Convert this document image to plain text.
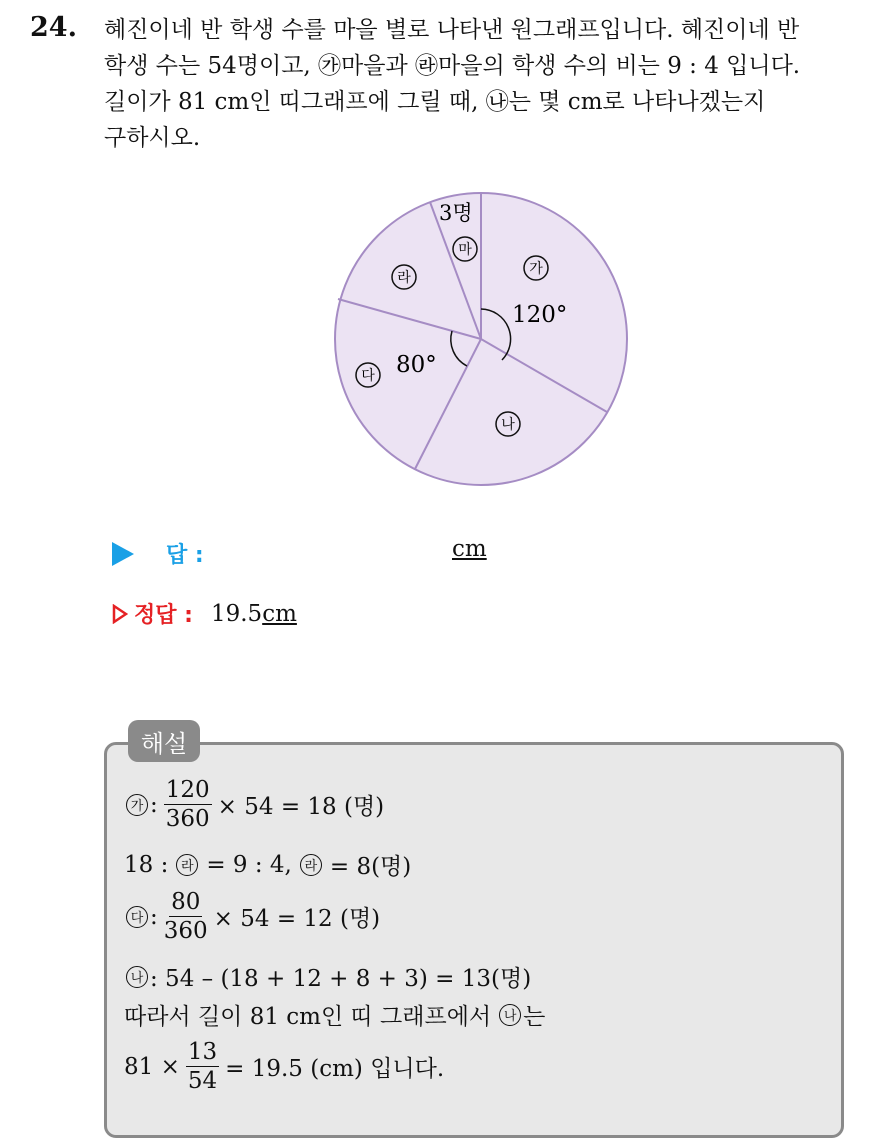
24. 혜진이네 반 학생 수를 마을 별로 나타낸 원그래프입니다. 혜진이네 반
학생 수는 54명이고, ㉮마을과 ㉱마을의 학생 수의 비는 9 : 4 입니다.
길이가 81 cm인 띠그래프에 그릴 때, ㉯는 몇 cm로 나타나겠는지
구하시오.
가
나
다
라
마
120°
80°
3명
답 :	cm
정답 : 19.5 cm
해설
가 : $\frac{120}{360} \times 54 = 18$ (명)
18 : 라 = 9 : 4, 라 = 8(명)
다 : $\frac{80}{360} \times 54 = 12$ (명)
나 : 54 – (18 + 12 + 8 + 3) = 13(명)
따라서 길이 81 cm인 띠 그래프에서 나 는
$81 \times \frac{13}{54} = 19.5$ (cm) 입니다.
